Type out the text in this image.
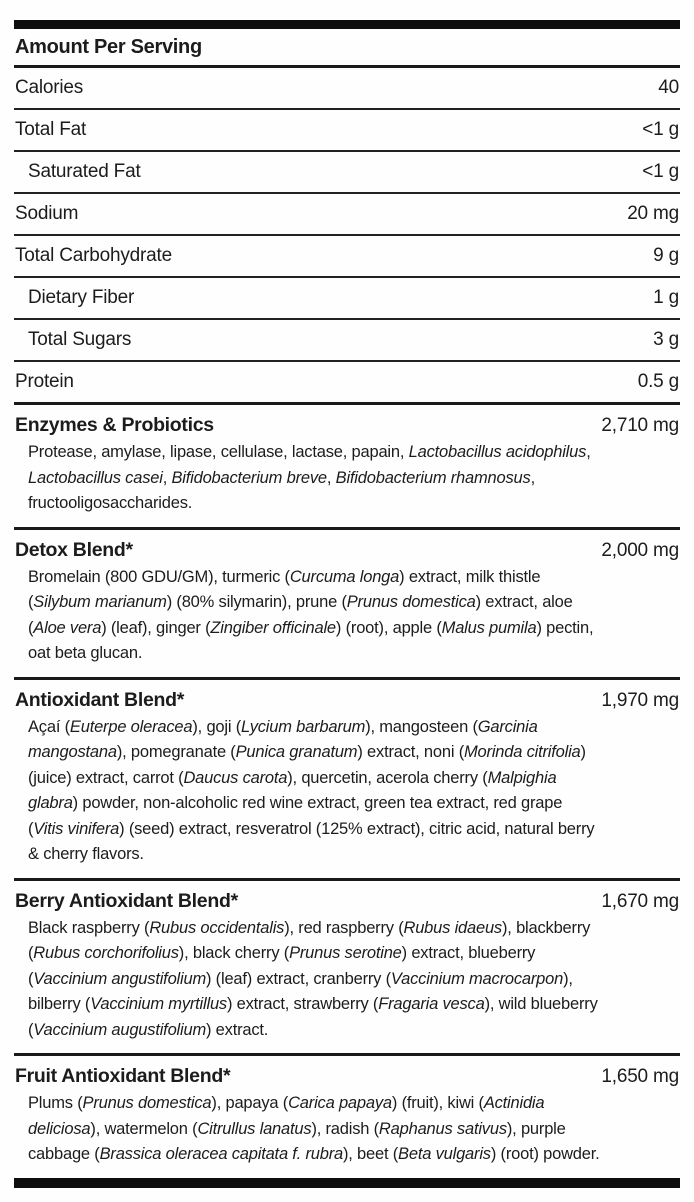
Amount Per Serving
Calories	40
Total Fat	<1 g
Saturated Fat	<1 g
Sodium	20 mg
Total Carbohydrate	9 g
Dietary Fiber	1 g
Total Sugars	3 g
Protein	0.5 g
Enzymes & Probiotics	2,710 mg
Protease, amylase, lipase, cellulase, lactase, papain, Lactobacillus acidophilus, Lactobacillus casei, Bifidobacterium breve, Bifidobacterium rhamnosus, fructooligosaccharides.
Detox Blend*	2,000 mg
Bromelain (800 GDU/GM), turmeric (Curcuma longa) extract, milk thistle (Silybum marianum) (80% silymarin), prune (Prunus domestica) extract, aloe (Aloe vera) (leaf), ginger (Zingiber officinale) (root), apple (Malus pumila) pectin, oat beta glucan.
Antioxidant Blend*	1,970 mg
Açaí (Euterpe oleracea), goji (Lycium barbarum), mangosteen (Garcinia mangostana), pomegranate (Punica granatum) extract, noni (Morinda citrifolia) (juice) extract, carrot (Daucus carota), quercetin, acerola cherry (Malpighia glabra) powder, non-alcoholic red wine extract, green tea extract, red grape (Vitis vinifera) (seed) extract, resveratrol (125% extract), citric acid, natural berry & cherry flavors.
Berry Antioxidant Blend*	1,670 mg
Black raspberry (Rubus occidentalis), red raspberry (Rubus idaeus), blackberry (Rubus corchorifolius), black cherry (Prunus serotine) extract, blueberry (Vaccinium angustifolium) (leaf) extract, cranberry (Vaccinium macrocarpon), bilberry (Vaccinium myrtillus) extract, strawberry (Fragaria vesca), wild blueberry (Vaccinium augustifolium) extract.
Fruit Antioxidant Blend*	1,650 mg
Plums (Prunus domestica), papaya (Carica papaya) (fruit), kiwi (Actinidia deliciosa), watermelon (Citrullus lanatus), radish (Raphanus sativus), purple cabbage (Brassica oleracea capitata f. rubra), beet (Beta vulgaris) (root) powder.
